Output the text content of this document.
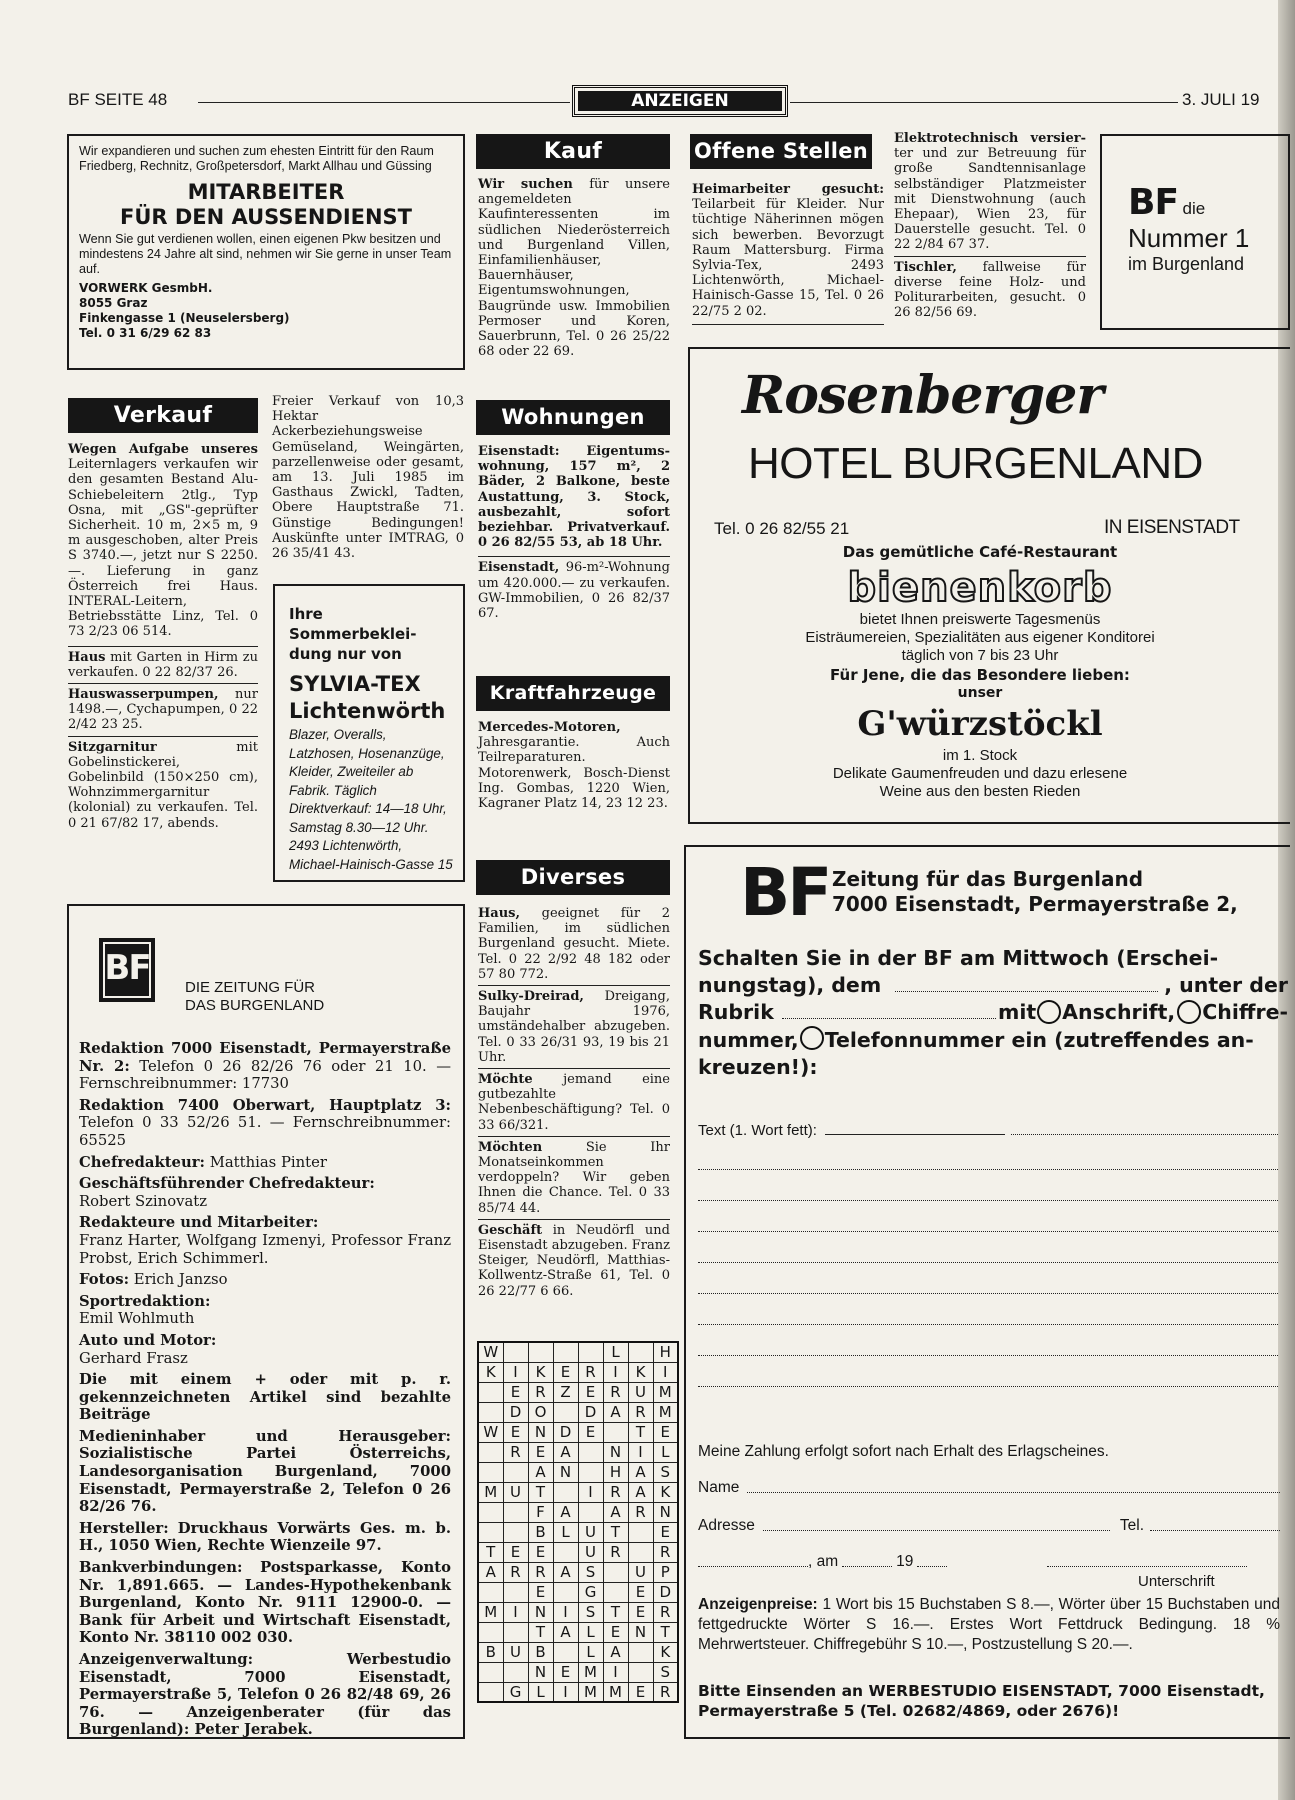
BF SEITE 48	ANZEIGEN	3. JULI 19
Wir expandieren und suchen zum ehesten Eintritt für den Raum Friedberg, Rechnitz, Großpetersdorf, Markt Allhau und Güssing
MITARBEITER
FÜR DEN AUSSENDIENST
Wenn Sie gut verdienen wollen, einen eigenen Pkw besitzen und mindestens 24 Jahre alt sind, nehmen wir Sie gerne in unser Team auf.
VORWERK GesmbH.
8055 Graz
Finkengasse 1 (Neuselersberg)
Tel. 0 31 6/29 62 83
Kauf
Wir suchen für unsere angemeldeten Kaufinteressenten im südlichen Niederösterreich und Burgenland Villen, Einfamilienhäuser, Bauernhäuser, Eigentumswohnungen, Baugründe usw. Immobilien Permoser und Koren, Sauerbrunn, Tel. 0 26 25/22 68 oder 22 69.
Offene Stellen
Heimarbeiter gesucht: Teilarbeit für Kleider. Nur tüchtige Näherinnen mögen sich bewerben. Bevorzugt Raum Mattersburg. Firma Sylvia-Tex, 2493 Lichtenwörth, Michael-Hainisch-Gasse 15, Tel. 0 26 22/75 2 02.
Elektrotechnisch versier- ter und zur Betreuung für große Sandtennisanlage selbständiger Platzmeister mit Dienstwohnung (auch Ehepaar), Wien 23, für Dauerstelle gesucht. Tel. 0 22 2/84 67 37.
Tischler, fallweise für diverse feine Holz- und Politurarbeiten, gesucht. 0 26 82/56 69.
BF die
Nummer 1
im Burgenland
Verkauf
Wegen Aufgabe unseres Leiternlagers verkaufen wir den gesamten Bestand Alu-Schiebeleitern 2tlg., Typ Osna, mit „GS"-geprüfter Sicherheit. 10 m, 2×5 m, 9 m ausgeschoben, alter Preis S 3740.—, jetzt nur S 2250.—. Lieferung in ganz Österreich frei Haus. INTERAL-Leitern, Betriebsstätte Linz, Tel. 0 73 2/23 06 514.
Haus mit Garten in Hirm zu verkaufen. 0 22 82/37 26.
Hauswasserpumpen, nur 1498.—, Cychapumpen, 0 22 2/42 23 25.
Sitzgarnitur	mit Gobelinstickerei, Gobelinbild (150×250 cm), Wohnzimmergarnitur (kolonial) zu verkaufen. Tel. 0 21 67/82 17, abends.
Freier Verkauf von 10,3 Hektar Ackerbeziehungsweise Gemüseland, Weingärten, parzellenweise oder gesamt, am 13. Juli 1985 im Gasthaus Zwickl, Tadten, Obere Hauptstraße 71. Günstige Bedingungen! Auskünfte unter IMTRAG, 0 26 35/41 43.
Ihre Sommerbeklei-
dung nur von
SYLVIA-TEX
Lichtenwörth
Blazer, Overalls, Latzhosen, Hosenanzüge, Kleider, Zweiteiler ab Fabrik. Täglich Direktverkauf: 14—18 Uhr, Samstag 8.30—12 Uhr. 2493 Lichtenwörth, Michael-Hainisch-Gasse 15
Wohnungen
Eisenstadt: Eigentums- wohnung, 157 m², 2 Bäder, 2 Balkone, beste Austattung, 3. Stock, ausbezahlt, sofort beziehbar. Privatverkauf. 0 26 82/55 53, ab 18 Uhr.
Eisenstadt, 96-m²-Wohnung um 420.000.— zu verkaufen. GW-Immobilien, 0 26 82/37 67.
Kraftfahrzeuge
Mercedes-Motoren, Jahresgarantie. Auch Teilreparaturen. Motorenwerk, Bosch-Dienst Ing. Gombas, 1220 Wien, Kagraner Platz 14, 23 12 23.
Diverses
Haus, geeignet für 2 Familien, im südlichen Burgenland gesucht. Miete. Tel. 0 22 2/92 48 182 oder 57 80 772.
Sulky-Dreirad, Dreigang, Baujahr 1976, umständehalber abzugeben. Tel. 0 33 26/31 93, 19 bis 21 Uhr.
Möchte jemand eine gutbezahlte Nebenbeschäftigung? Tel. 0 33 66/321.
Möchten	Sie Ihr Monatseinkommen verdoppeln? Wir geben Ihnen die Chance. Tel. 0 33 85/74 44.
Geschäft in Neudörfl und Eisenstadt abzugeben. Franz Steiger, Neudörfl, Matthias-Kollwentz-Straße 61, Tel. 0 26 22/77 6 66.
W					L		H
K	I	K	E	R	I	K	I
	E	R	Z	E	R	U	M
	D	O		D	A	R	M
W	E	N	D	E		T	E
	R	E	A		N	I	L
		A	N		H	A	S
M	U	T		I	R	A	K
		F	A		A	R	N
		B	L	U	T		E
T	E	E		U	R		R
A	R	R	A	S		U	P
		E		G		E	D
M	I	N	I	S	T	E	R
		T	A	L	E	N	T
B	U	B		L	A		K
		N	E	M	I		S
	G	L	I	M	M	E	R
Rosenberger
HOTEL BURGENLAND
Tel. 0 26 82/55 21	IN EISENSTADT
Das gemütliche Café-Restaurant
bienenkorb
bietet Ihnen preiswerte Tagesmenüs
Eisträumereien, Spezialitäten aus eigener Konditorei
täglich von 7 bis 23 Uhr
Für Jene, die das Besondere lieben:
unser
G'würzstöckl
im 1. Stock
Delikate Gaumenfreuden und dazu erlesene
Weine aus den besten Rieden
BF	DIE ZEITUNG FÜR
DAS BURGENLAND

Redaktion 7000 Eisenstadt, Permayerstraße Nr. 2: Telefon 0 26 82/26 76 oder 21 10. — Fernschreibnummer: 17730

Redaktion 7400 Oberwart, Hauptplatz 3: Telefon 0 33 52/26 51. — Fernschreibnummer: 65525

Chefredakteur: Matthias Pinter

Geschäftsführender Chefredakteur:
Robert Szinovatz

Redakteure und Mitarbeiter:
Franz Harter, Wolfgang Izmenyi, Professor Franz Probst, Erich Schimmerl.

Fotos: Erich Janzso

Sportredaktion:
Emil Wohlmuth

Auto und Motor:
Gerhard Frasz

Die mit einem + oder mit p. r. gekennzeichneten Artikel sind bezahlte Beiträge

Medieninhaber und Herausgeber: Sozialistische Partei Österreichs, Landesorganisation Burgenland, 7000 Eisenstadt, Permayerstraße 2, Telefon 0 26 82/26 76.

Hersteller: Druckhaus Vorwärts Ges. m. b. H., 1050 Wien, Rechte Wienzeile 97.

Bankverbindungen: Postsparkasse, Konto Nr. 1,891.665. — Landes-Hypothekenbank Burgenland, Konto Nr. 9111 12900-0. — Bank für Arbeit und Wirtschaft Eisenstadt, Konto Nr. 38110 002 030.

Anzeigenverwaltung:	Werbestudio Eisenstadt, 7000 Eisenstadt, Permayerstraße 5, Telefon 0 26 82/48 69, 26 76. — Anzeigenberater (für das Burgenland): Peter Jerabek.

BF Zeitung für das Burgenland
7000 Eisenstadt, Permayerstraße 2,
Schalten Sie in der BF am Mittwoch (Erschei-
nungstag), dem	, unter der
Rubrik	mit Anschrift, Chiffre-
nummer, Telefonnummer ein (zutreffendes an-
kreuzen!):
Text (1. Wort fett):
Meine Zahlung erfolgt sofort nach Erhalt des Erlagscheines.
Name
Adresse	Tel.
, am	19
Unterschrift
Anzeigenpreise: 1 Wort bis 15 Buchstaben S 8.—, Wörter über 15 Buchstaben und fettgedruckte Wörter S 16.—. Erstes Wort Fettdruck Bedingung. 18 % Mehrwertsteuer. Chiffregebühr S 10.—, Postzustellung S 20.—.
Bitte Einsenden an WERBESTUDIO EISENSTADT, 7000 Eisenstadt, Permayerstraße 5 (Tel. 02682/4869, oder 2676)!
